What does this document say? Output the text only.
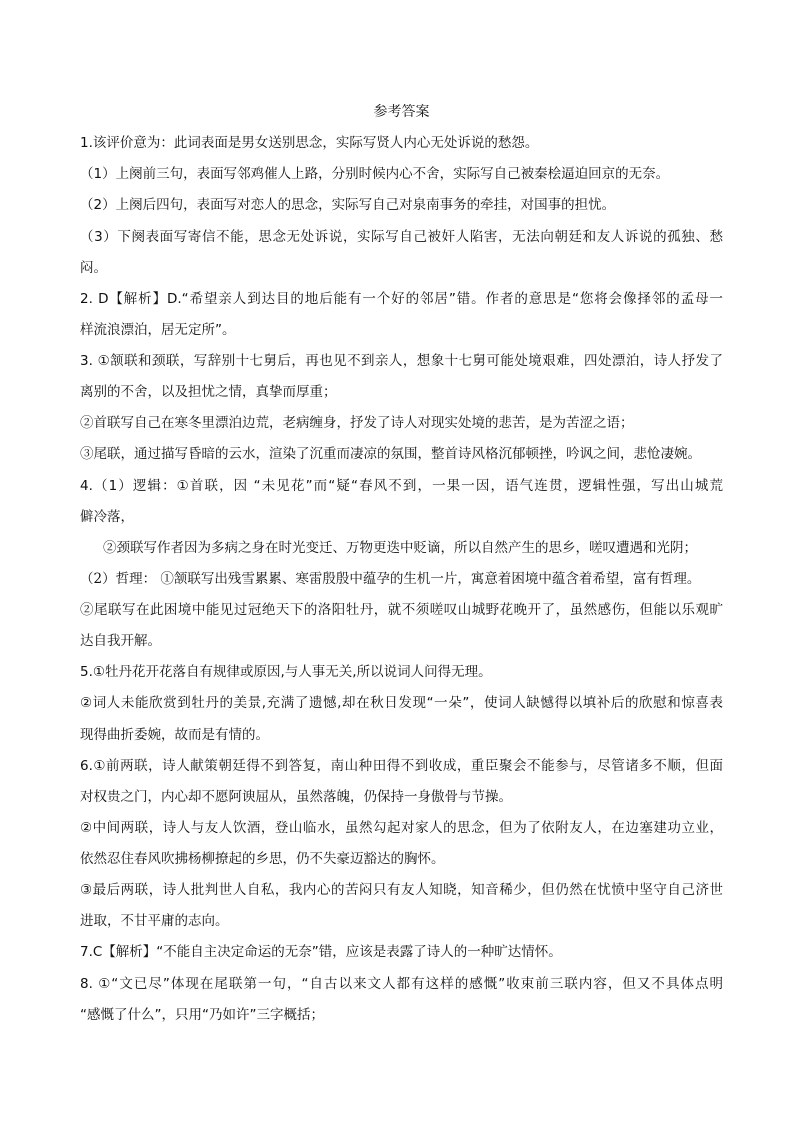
参考答案
1.该评价意为：此词表面是男女送别思念，实际写贤人内心无处诉说的愁怨。
（1）上阕前三句，表面写邻鸡催人上路，分别时候内心不舍，实际写自己被秦桧逼迫回京的无奈。
（2）上阕后四句，表面写对恋人的思念，实际写自己对泉南事务的牵挂，对国事的担忧。
（3）下阕表面写寄信不能，思念无处诉说，实际写自己被奸人陷害，无法向朝廷和友人诉说的孤独、愁
闷。
2. D【解析】D.“希望亲人到达目的地后能有一个好的邻居”错。作者的意思是“您将会像择邻的孟母一
样流浪漂泊，居无定所”。
3. ①颔联和颈联，写辞别十七舅后，再也见不到亲人，想象十七舅可能处境艰难，四处漂泊，诗人抒发了
离别的不舍，以及担忧之情，真挚而厚重；
②首联写自己在寒冬里漂泊边荒，老病缠身，抒发了诗人对现实处境的悲苦，是为苦涩之语；
③尾联，通过描写昏暗的云水，渲染了沉重而凄凉的氛围，整首诗风格沉郁顿挫，吟讽之间，悲怆凄婉。
4.（1）逻辑：①首联，因 “未见花”而“疑“春风不到，一果一因，语气连贯，逻辑性强，写出山城荒
僻冷落，
②颈联写作者因为多病之身在时光变迁、万物更迭中贬谪，所以自然产生的思乡，嗟叹遭遇和光阴；
（2）哲理： ①颔联写出残雪累累、寒雷殷殷中蕴孕的生机一片，寓意着困境中蕴含着希望，富有哲理。
②尾联写在此困境中能见过冠绝天下的洛阳牡丹，就不须嗟叹山城野花晚开了，虽然感伤，但能以乐观旷
达自我开解。
5.①牡丹花开花落自有规律或原因,与人事无关,所以说词人问得无理。
②词人未能欣赏到牡丹的美景,充满了遗憾,却在秋日发现“一朵”，使词人缺憾得以填补后的欣慰和惊喜表
现得曲折委婉，故而是有情的。
6.①前两联，诗人献策朝廷得不到答复，南山种田得不到收成，重臣聚会不能参与，尽管诸多不顺，但面
对权贵之门，内心却不愿阿谀屈从，虽然落魄，仍保持一身傲骨与节操。
②中间两联，诗人与友人饮酒，登山临水，虽然勾起对家人的思念，但为了依附友人，在边塞建功立业，
依然忍住春风吹拂杨柳撩起的乡思，仍不失豪迈豁达的胸怀。
③最后两联，诗人批判世人自私，我内心的苦闷只有友人知晓，知音稀少，但仍然在忧愤中坚守自己济世
进取，不甘平庸的志向。
7.C【解析】“不能自主决定命运的无奈”错，应该是表露了诗人的一种旷达情怀。
8. ①“文已尽”体现在尾联第一句，“自古以来文人都有这样的感慨”收束前三联内容，但又不具体点明
“感慨了什么”，只用“乃如许”三字概括；
